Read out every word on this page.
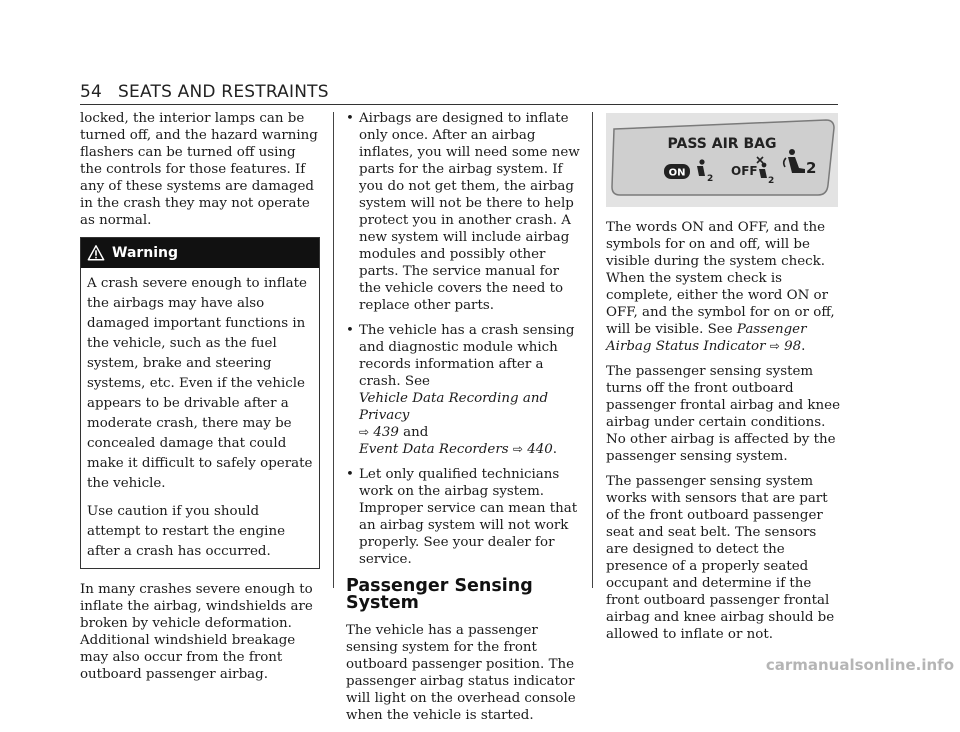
54 SEATS AND RESTRAINTS

locked, the interior lamps can be turned off, and the hazard warning flashers can be turned off using the controls for those features. If any of these systems are damaged in the crash they may not operate as normal.

Warning

A crash severe enough to inflate the airbags may have also damaged important functions in the vehicle, such as the fuel system, brake and steering systems, etc. Even if the vehicle appears to be drivable after a moderate crash, there may be concealed damage that could make it difficult to safely operate the vehicle.

Use caution if you should attempt to restart the engine after a crash has occurred.

In many crashes severe enough to inflate the airbag, windshields are broken by vehicle deformation. Additional windshield breakage may also occur from the front outboard passenger airbag.

• Airbags are designed to inflate only once. After an airbag inflates, you will need some new parts for the airbag system. If you do not get them, the airbag system will not be there to help protect you in another crash. A new system will include airbag modules and possibly other parts. The service manual for the vehicle covers the need to replace other parts.
• The vehicle has a crash sensing and diagnostic module which records information after a crash. See
Vehicle Data Recording and Privacy
⇨ 439 and
Event Data Recorders ⇨ 440.
• Let only qualified technicians work on the airbag system. Improper service can mean that an airbag system will not work properly. See your dealer for service.
Passenger Sensing System

The vehicle has a passenger sensing system for the front outboard passenger position. The passenger airbag status indicator will light on the overhead console when the vehicle is started.

PASS AIR BAG
ON
2
OFF
2
2

The words ON and OFF, and the symbols for on and off, will be visible during the system check. When the system check is complete, either the word ON or OFF, and the symbol for on or off, will be visible. See Passenger Airbag Status Indicator ⇨ 98.

The passenger sensing system turns off the front outboard passenger frontal airbag and knee airbag under certain conditions. No other airbag is affected by the passenger sensing system.

The passenger sensing system works with sensors that are part of the front outboard passenger seat and seat belt. The sensors are designed to detect the presence of a properly seated occupant and determine if the front outboard passenger frontal airbag and knee airbag should be allowed to inflate or not.

carmanualsonline.info
